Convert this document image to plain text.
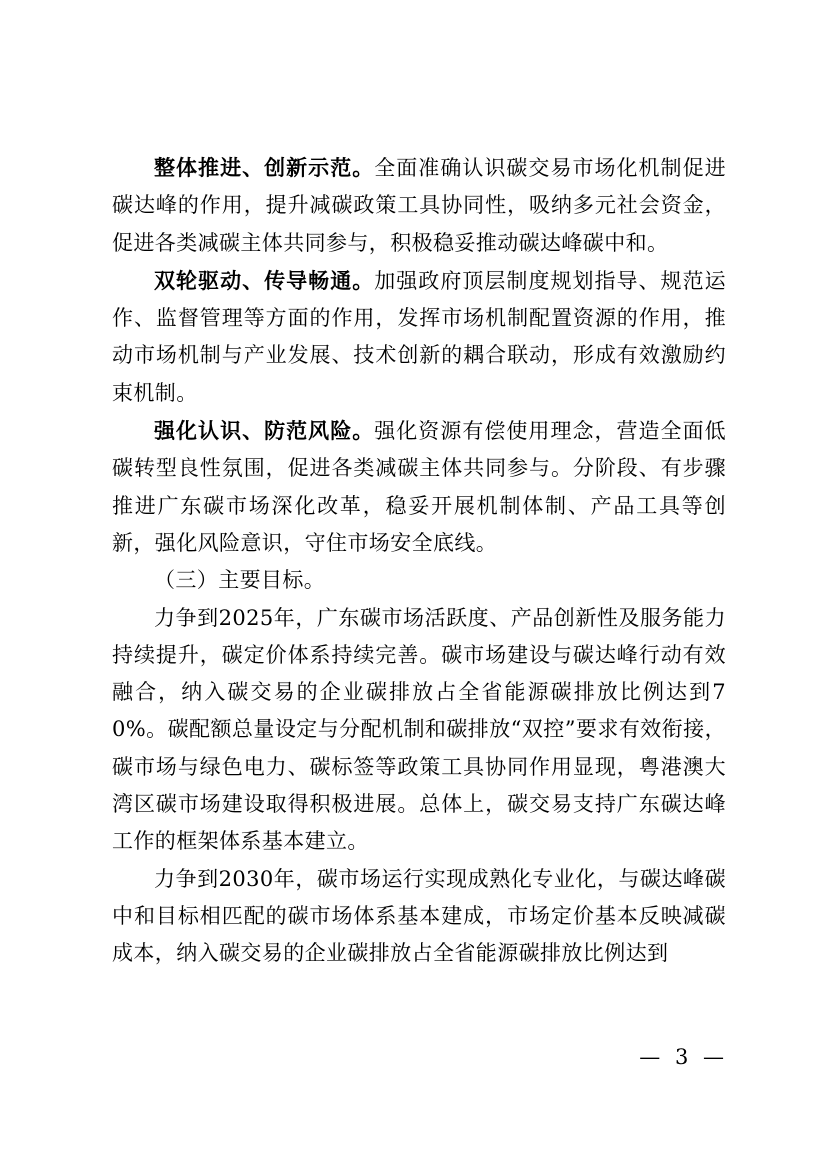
整体推进、创新示范。全面准确认识碳交易市场化机制促进碳达峰的作用，提升减碳政策工具协同性，吸纳多元社会资金，促进各类减碳主体共同参与，积极稳妥推动碳达峰碳中和。

双轮驱动、传导畅通。加强政府顶层制度规划指导、规范运作、监督管理等方面的作用，发挥市场机制配置资源的作用，推动市场机制与产业发展、技术创新的耦合联动，形成有效激励约束机制。

强化认识、防范风险。强化资源有偿使用理念，营造全面低碳转型良性氛围，促进各类减碳主体共同参与。分阶段、有步骤推进广东碳市场深化改革，稳妥开展机制体制、产品工具等创新，强化风险意识，守住市场安全底线。

（三）主要目标。

力争到2025年，广东碳市场活跃度、产品创新性及服务能力持续提升，碳定价体系持续完善。碳市场建设与碳达峰行动有效融合，纳入碳交易的企业碳排放占全省能源碳排放比例达到70%。碳配额总量设定与分配机制和碳排放“双控”要求有效衔接，碳市场与绿色电力、碳标签等政策工具协同作用显现，粤港澳大湾区碳市场建设取得积极进展。总体上，碳交易支持广东碳达峰工作的框架体系基本建立。

力争到2030年，碳市场运行实现成熟化专业化，与碳达峰碳中和目标相匹配的碳市场体系基本建成，市场定价基本反映减碳成本，纳入碳交易的企业碳排放占全省能源碳排放比例达到

— 3 —
